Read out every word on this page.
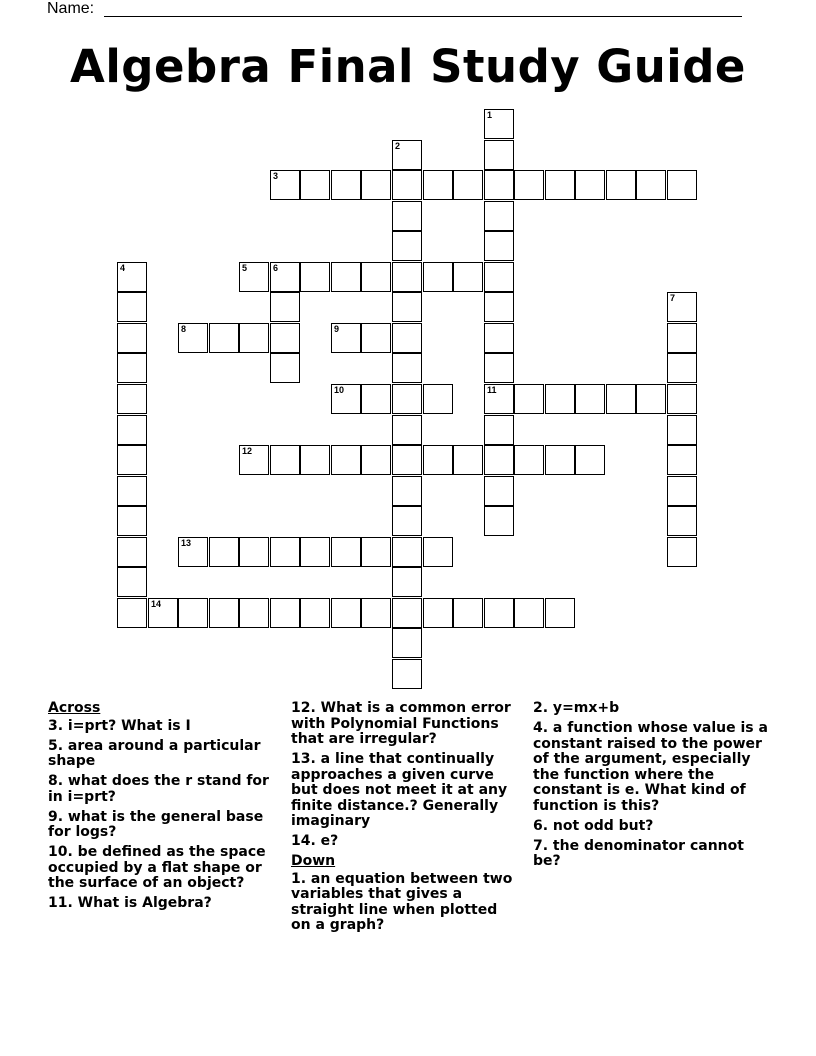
Name:
Algebra Final Study Guide
1
11
2
3
4	5	6
7
8	9
10
12
13
14
Across
3. i=prt? What is I
5. area around a particular shape
8. what does the r stand for in i=prt?
9. what is the general base for logs?
10. be defined as the space occupied by a flat shape or the surface of an object?
11. What is Algebra?
12. What is a common error with Polynomial Functions that are irregular?
13. a line that continually approaches a given curve but does not meet it at any finite distance.? Generally imaginary
14. e?
Down
1. an equation between two variables that gives a straight line when plotted on a graph?
2. y=mx+b
4. a function whose value is a constant raised to the power of the argument, especially the function where the constant is e. What kind of function is this?
6. not odd but?
7. the denominator cannot be?
